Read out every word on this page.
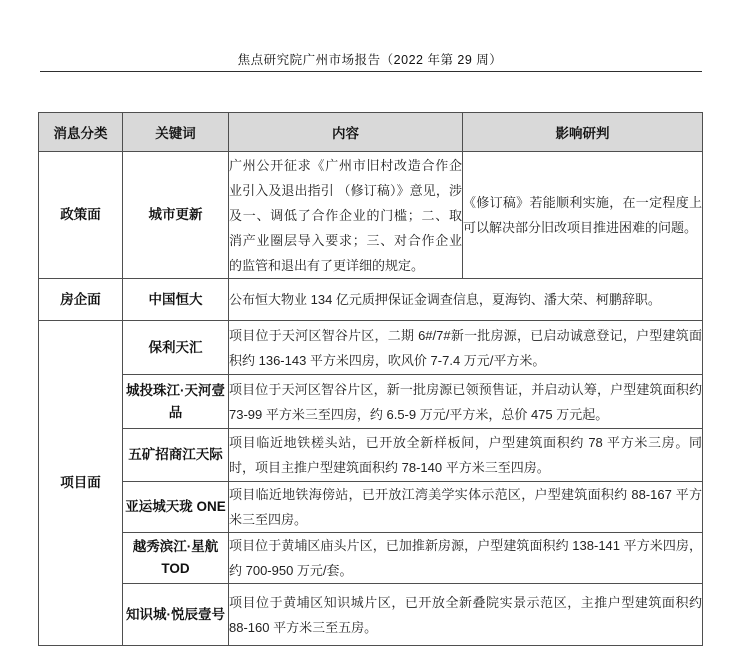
焦点研究院广州市场报告（2022 年第 29 周）
消息分类	关键词	内容	影响研判
政策面	城市更新	广州公开征求《广州市旧村改造合作企业引入及退出指引 （修订稿）》意见，涉及一、调低了合作企业的门槛；二、取消产业圈层导入要求；三、对合作企业的监管和退出有了更详细的规定。	《修订稿》若能顺利实施，在一定程度上可以解决部分旧改项目推进困难的问题。
房企面	中国恒大	公布恒大物业 134 亿元质押保证金调查信息，夏海钧、潘大荣、柯鹏辞职。	
项目面	保利天汇	项目位于天河区智谷片区，二期 6#/7#新一批房源，已启动诚意登记，户型建筑面积约 136-143 平方米四房，吹风价 7-7.4 万元/平方米。	
	城投珠江·天河壹品	项目位于天河区智谷片区，新一批房源已领预售证，并启动认筹，户型建筑面积约 73-99 平方米三至四房，约 6.5-9 万元/平方米，总价 475 万元起。	
	五矿招商江天际	项目临近地铁槎头站，已开放全新样板间，户型建筑面积约 78 平方米三房。同时，项目主推户型建筑面积约 78-140 平方米三至四房。	
	亚运城天珑 ONE	项目临近地铁海傍站，已开放江湾美学实体示范区，户型建筑面积约 88-167 平方米三至四房。	
	越秀滨江·星航 TOD	项目位于黄埔区庙头片区，已加推新房源，户型建筑面积约 138-141 平方米四房，约 700-950 万元/套。	
	知识城·悦辰壹号	项目位于黄埔区知识城片区，已开放全新叠院实景示范区，主推户型建筑面积约 88-160 平方米三至五房。	
